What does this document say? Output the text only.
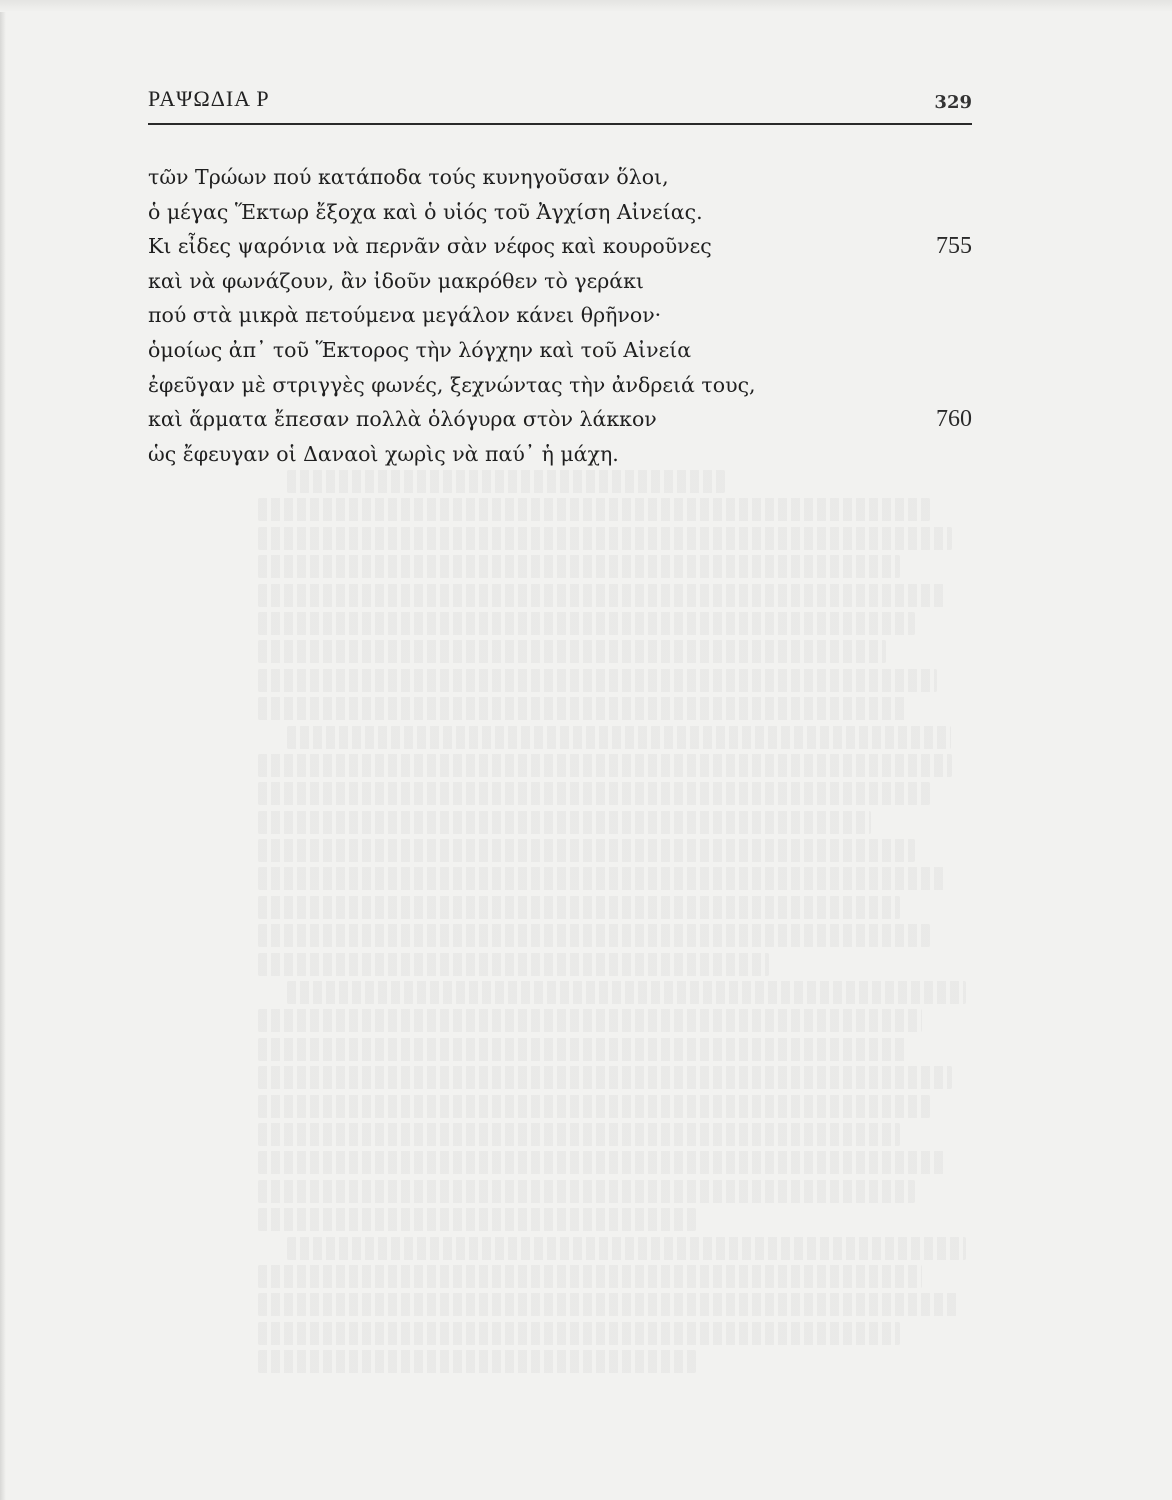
ΡΑΨΩΔΙΑ Ρ	329
τῶν Τρώων πού κατάποδα τούς κυνηγοῦσαν ὅλοι,
ὁ μέγας Ἕκτωρ ἔξοχα καὶ ὁ υἱός τοῦ Ἀγχίση Αἰνείας.
Κι εἶδες ψαρόνια νὰ περνᾶν σὰν νέφος καὶ κουροῦνες	755
καὶ νὰ φωνάζουν, ἂν ἰδοῦν μακρόθεν τὸ γεράκι
πού στὰ μικρὰ πετούμενα μεγάλον κάνει θρῆνον·
ὁμοίως ἀπ᾿ τοῦ Ἕκτορος τὴν λόγχην καὶ τοῦ Αἰνεία
ἐφεῦγαν μὲ στριγγὲς φωνές, ξεχνώντας τὴν ἀνδρειά τους,
καὶ ἅρματα ἔπεσαν πολλὰ ὁλόγυρα στὸν λάκκον	760
ὡς ἔφευγαν οἱ Δαναοὶ χωρὶς νὰ παύ᾿ ἡ μάχη.
